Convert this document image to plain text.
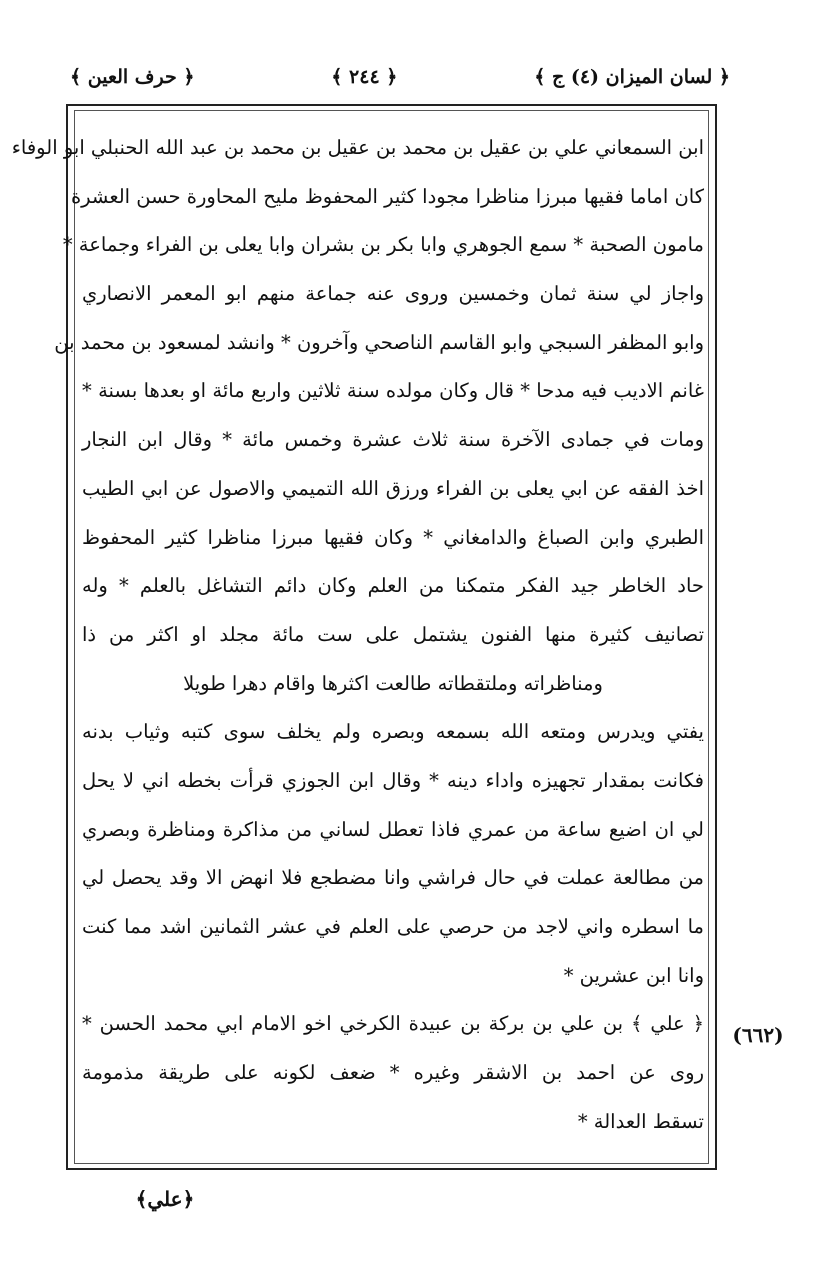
﴿ لسان الميزان (٤) ج ﴾
﴿ ٢٤٤ ﴾
﴿ حرف العين ﴾
ابن السمعاني علي بن عقيل بن محمد بن عقيل بن محمد بن عبد الله الحنبلي ابو الوفاء
كان اماما فقيها مبرزا مناظرا مجودا كثير المحفوظ مليح المحاورة حسن العشرة
مامون الصحبة * سمع الجوهري وابا بكر بن بشران وابا يعلى بن الفراء وجماعة *
واجاز لي سنة ثمان وخمسين وروى عنه جماعة منهم ابو المعمر الانصاري
وابو المظفر السبجي وابو القاسم الناصحي وآخرون * وانشد لمسعود بن محمد بن
غانم الاديب فيه مدحا * قال وكان مولده سنة ثلاثين واربع مائة او بعدها بسنة *
ومات في جمادى الآخرة سنة ثلاث عشرة وخمس مائة * وقال ابن النجار
اخذ الفقه عن ابي يعلى بن الفراء ورزق الله التميمي والاصول عن ابي الطيب
الطبري وابن الصباغ والدامغاني * وكان فقيها مبرزا مناظرا كثير المحفوظ
حاد الخاطر جيد الفكر متمكنا من العلم وكان دائم التشاغل بالعلم * وله
تصانيف كثيرة منها الفنون يشتمل على ست مائة مجلد او اكثر من ذا
ومناظراته وملتقطاته طالعت اكثرها واقام دهرا طويلا
يفتي ويدرس ومتعه الله بسمعه وبصره ولم يخلف سوى كتبه وثياب بدنه
فكانت بمقدار تجهيزه واداء دينه * وقال ابن الجوزي قرأت بخطه اني لا يحل
لي ان اضيع ساعة من عمري فاذا تعطل لساني من مذاكرة ومناظرة وبصري
من مطالعة عملت في حال فراشي وانا مضطجع فلا انهض الا وقد يحصل لي
ما اسطره واني لاجد من حرصي على العلم في عشر الثمانين اشد مما كنت
وانا ابن عشرين *
﴿ علي ﴾ بن علي بن بركة بن عبيدة الكرخي اخو الامام ابي محمد الحسن *
روى عن احمد بن الاشقر وغيره * ضعف لكونه على طريقة مذمومة
تسقط العدالة *
(٦٦٢)
﴿علي﴾
